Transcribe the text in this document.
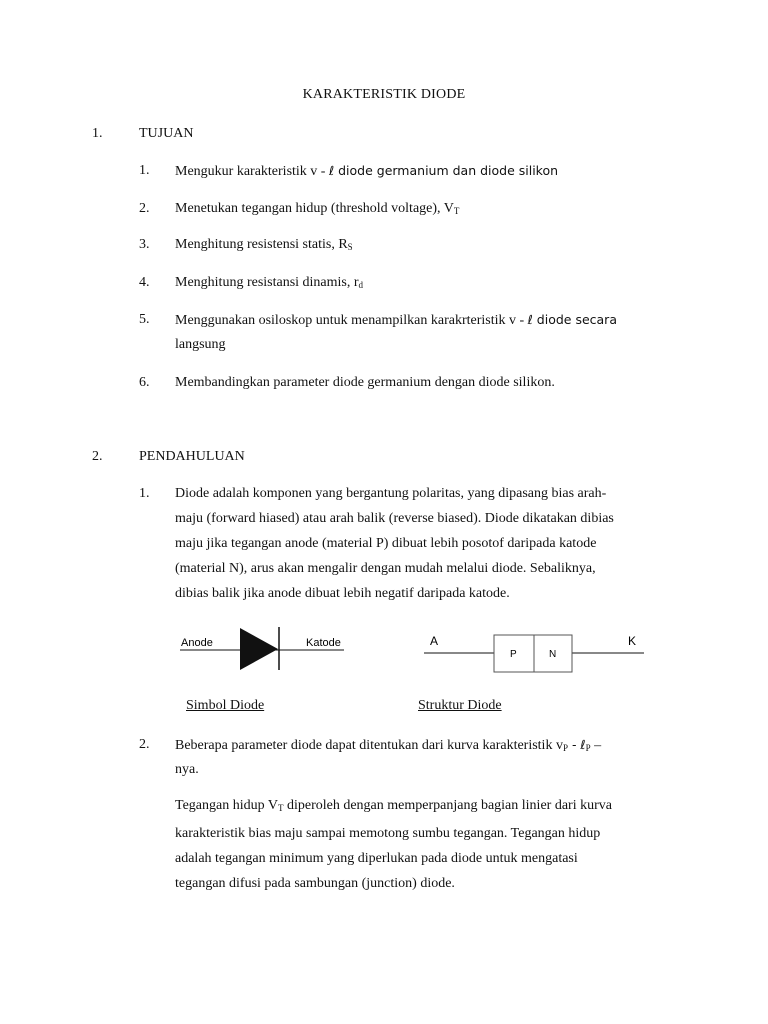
KARAKTERISTIK DIODE
1.	TUJUAN
1. Mengukur karakteristik v - ℓ diode germanium dan diode silikon
2. Menetukan tegangan hidup (threshold voltage), $V_T$
3. Menghitung resistensi statis, $R_S$
4. Menghitung resistansi dinamis, $r_d$
5. Menggunakan osiloskop untuk menampilkan karakrteristik v - ℓ diode secara
langsung
6. Membandingkan parameter diode germanium dengan diode silikon.
2.	PENDAHULUAN
1. Diode adalah komponen yang bergantung polaritas, yang dipasang bias arah-
maju (forward hiased) atau arah balik (reverse biased). Diode dikatakan dibias
maju jika tegangan anode (material P) dibuat lebih posotof daripada katode
(material N), arus akan mengalir dengan mudah melalui diode. Sebaliknya,
dibias balik jika anode dibuat lebih negatif daripada katode.
Anode	Katode
Simbol Diode
A	K
P	N
Struktur Diode
2. Beberapa parameter diode dapat ditentukan dari kurva karakteristik $v_P$ - ℓ$_P$ –
nya.
Tegangan hidup $V_T$ diperoleh dengan memperpanjang bagian linier dari kurva
karakteristik bias maju sampai memotong sumbu tegangan. Tegangan hidup
adalah tegangan minimum yang diperlukan pada diode untuk mengatasi
tegangan difusi pada sambungan (junction) diode.
